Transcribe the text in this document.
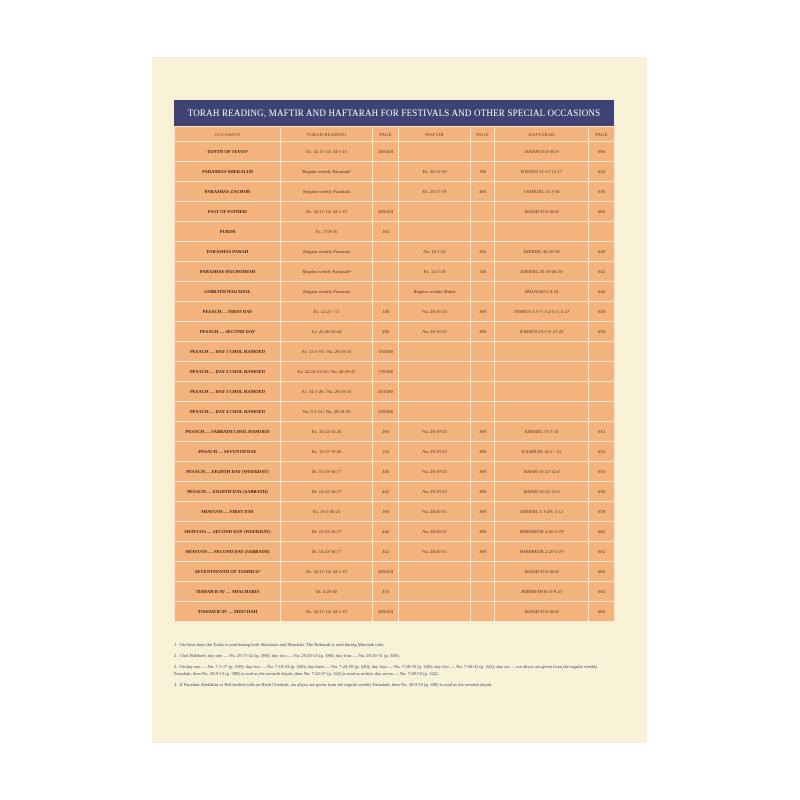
TORAH READING, MAFTIR AND HAFTARAH FOR FESTIVALS AND OTHER SPECIAL OCCASIONS
OCCASION	TORAH READING	PAGE	MAFTIR	PAGE	HAFTARAH	PAGE
TENTH OF TEVES¹	Ex. 32:11-14; 34:1-10	200/204			ISAIAH 55:6-56:8	666
PARASHAS SHEKALIM	Regular weekly Parashah⁴		Ex. 30:11-16	196	II KINGS 11:17-12:17	634
PARASHAS ZACHOR	Regular weekly Parashah		Dt. 25:17-19	466	I SAMUEL 15:1-34	636
FAST OF ESTHER¹	Ex. 32:11-14; 34:1-10	200/204			ISAIAH 55:6-56:8	666
PURIM	Ex. 17:8-16	164				
PARASHAS PARAH	Regular weekly Parashah		Nu. 19:1-22	356	EZEKIEL 36:16-38	640
PARASHAS HACHODESH	Regular weekly Parashah⁴		Ex. 12:1-20	146	EZEKIEL 45:16-46:18	642
SABBATH HAGADOL	Regular weekly Parashah		Regular weekly Maftir		MALACHI 3:4-24	646
PESACH — FIRST DAY	Ex. 12:21 - 51	148	Nu. 28:16-25	380	JOSHUA 3:5-7; 5:2-6:1; 6:27	648
PESACH — SECOND DAY	Lv. 22:26-23:44	288	Nu. 28:16-25	380	II KINGS 23:1-9, 21-25	650
PESACH — DAY 1 CHOL HAMOED	Ex. 13:1-16 / Nu. 28:19-25	150/380				
PESACH — DAY 2 CHOL HAMOED	Ex. 22:24-23:19 / Nu. 28:19-25	176/380				
PESACH — DAY 3 CHOL HAMOED	Ex. 34:1-26 / Nu. 28:19-25	204/380				
PESACH — DAY 4 CHOL HAMOED	Nu. 9:1-14 / Nu. 28:19-25	328/380				
PESACH — SABBATH CHOL HAMOED	Ex. 33:12-34:26	206	Nu. 28:19-25	380	EZEKIEL 37:1-14	652
PESACH — SEVENTH DAY	Ex. 13:17-15:26	152	Nu. 28:19-25	380	II SAMUEL 22:1 - 51	654
PESACH — EIGHTH DAY (WEEKDAY)	Dt. 15:19-16:17	446	Nu. 28:19-25	380	ISAIAH 10:32-12:6	656
PESACH — EIGHTH DAY (SABBATH)	Dt. 14:22-16:17	442	Nu. 28:19-25	380	ISAIAH 10:32-12:6	656
SHAVUOS — FIRST DAY	Ex. 19:1-20:23	166	Nu. 28:26-31	380	EZEKIEL 1:1-28; 3:12	658
SHAVUOS — SECOND DAY (WEEKDAY)	Dt. 15:19-16:17	446	Nu. 28:26-31	380	HABAKKUK 2:20-3:19	662
SHAVUOS — SECOND DAY (SABBATH)	Dt. 14:22-16:17	442	Nu. 28:26-31	380	HABAKKUK 2:20-3:19	662
SEVENTEENTH OF TAMMUZ¹	Ex. 32:11-14; 34:1-10	200/204			ISAIAH 55:6-56:8	666
TISHAH B'AV — SHACHARIS	Dt. 4:25-40	416			JEREMIAH 8:13-9:23	664
TISHAH B'AV — MINCHAH	Ex. 32:11-14; 34:1-10	200/204			ISAIAH 55:6-56:8	666

1. On these days the Torah is read during both Shacharis and Minchah. The Haftarah is read during Minchah only.

2. Chol HaMoed, day one — Nu. 29:17-22 (p. 380); day two — Nu. 29:20-25 (p. 380); day four — Nu. 29:26-31 (p. 380).

3. On day one — Nu. 7:1-17 (p. 318); day two — Nu. 7:18-23 (p. 320); day three — Nu. 7:24-29 (p. 320); day four — Nu. 7:30-35 (p. 320); day five — Nu. 7:36-41 (p. 322); day six — six aliyos are given from the regular weekly Parashah, then Nu. 28:9-15 (p. 380) is read as the seventh aliyah, then Nu. 7:42-47 (p. 322) is read as maftir; day seven — Nu. 7:48-53 (p. 322).

4. If Parashas Shekalim or HaChodesh falls on Rosh Chodesh, six aliyos are given from the regular weekly Parashah, then Nu. 28:9-15 (p. 380) is read as the seventh aliyah.
